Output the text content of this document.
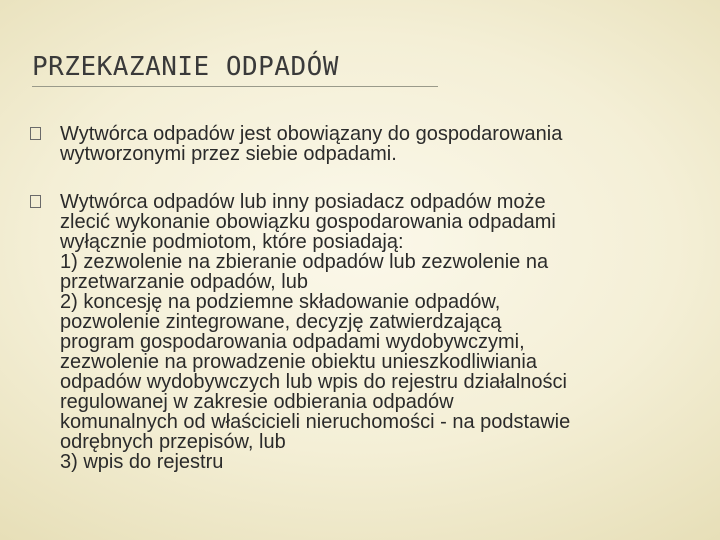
PRZEKAZANIE ODPADÓW
Wytwórca odpadów jest obowiązany do gospodarowania
wytworzonymi przez siebie odpadami.
Wytwórca odpadów lub inny posiadacz odpadów może
zlecić wykonanie obowiązku gospodarowania odpadami
wyłącznie podmiotom, które posiadają:
1) zezwolenie na zbieranie odpadów lub zezwolenie na
przetwarzanie odpadów, lub
2) koncesję na podziemne składowanie odpadów,
pozwolenie zintegrowane, decyzję zatwierdzającą
program gospodarowania odpadami wydobywczymi,
zezwolenie na prowadzenie obiektu unieszkodliwiania
odpadów wydobywczych lub wpis do rejestru działalności
regulowanej w zakresie odbierania odpadów
komunalnych od właścicieli nieruchomości - na podstawie
odrębnych przepisów, lub
3) wpis do rejestru
